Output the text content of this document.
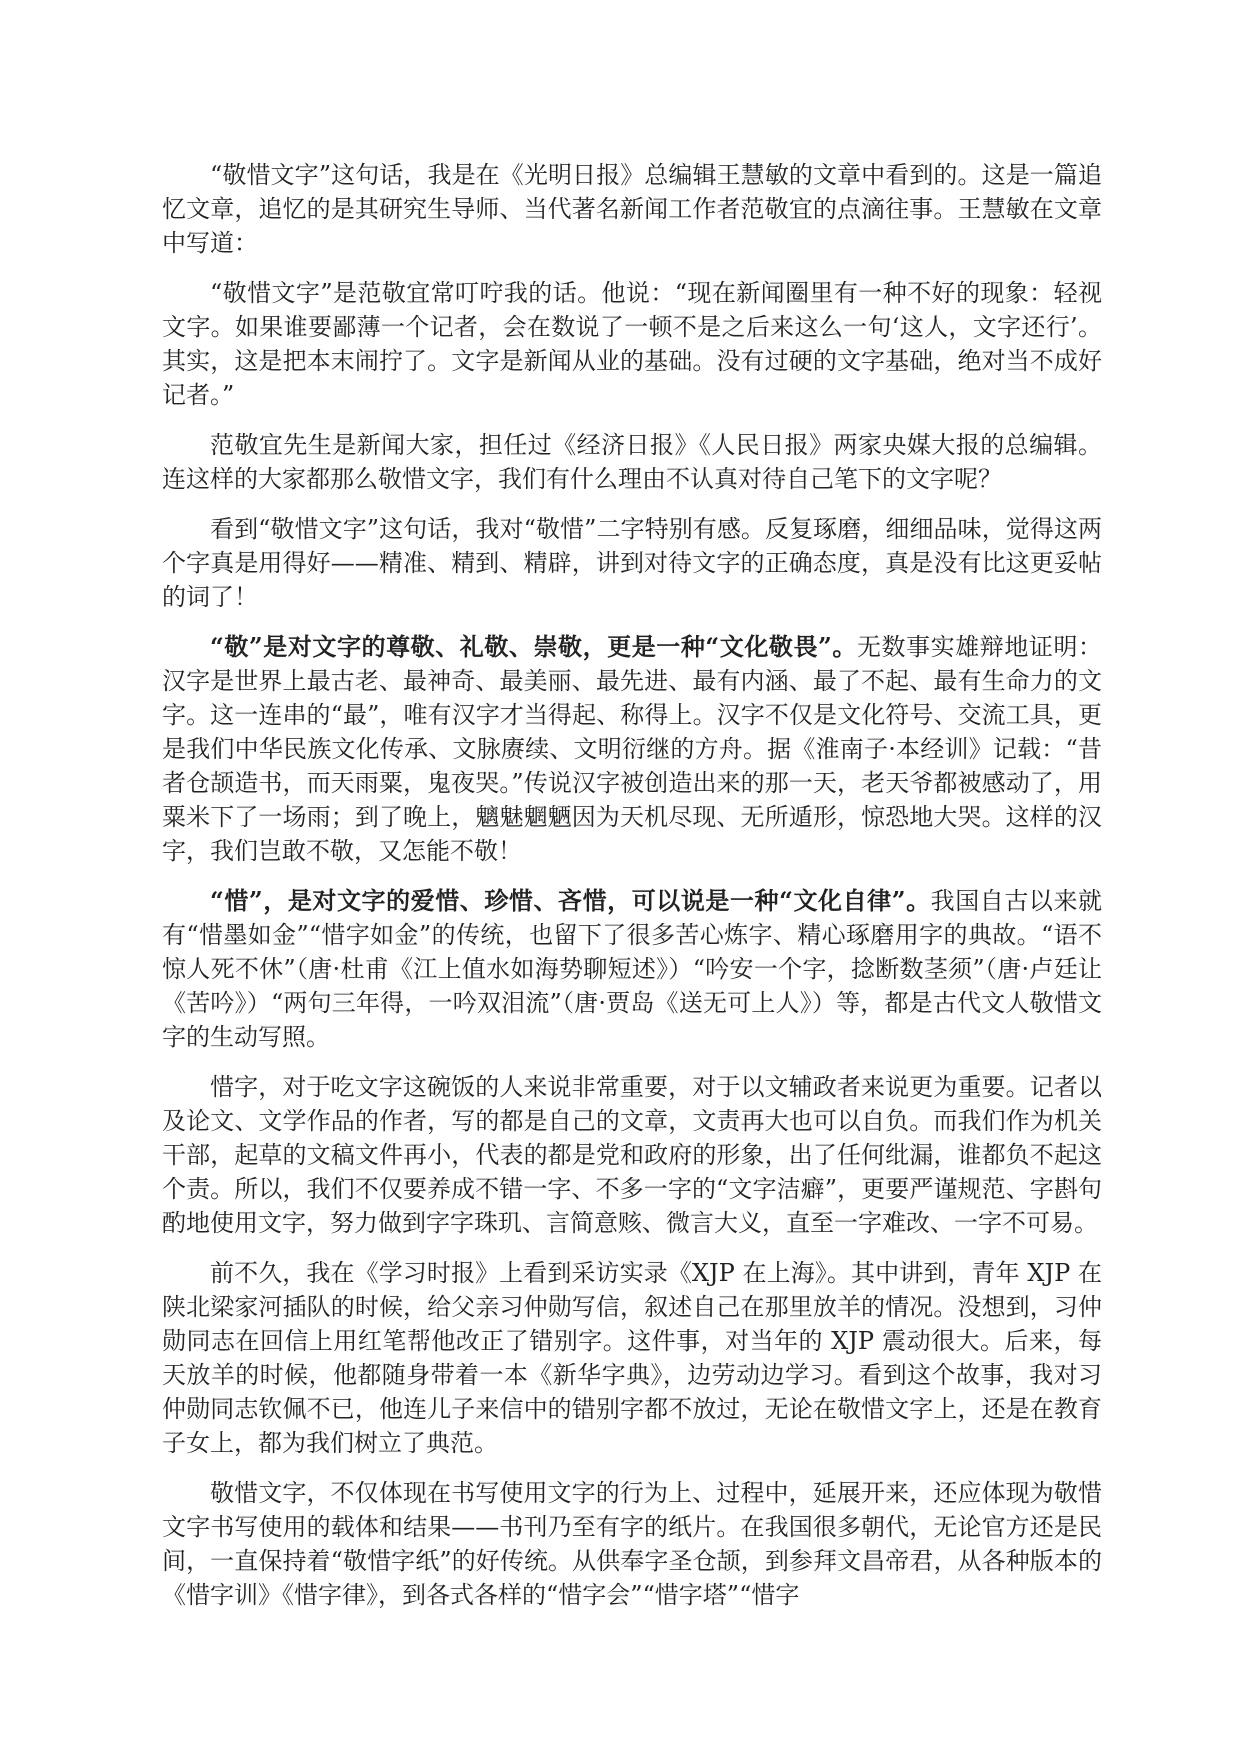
“敬惜文字”这句话，我是在《光明日报》总编辑王慧敏的文章中看到的。这是一篇追忆文章，追忆的是其研究生导师、当代著名新闻工作者范敬宜的点滴往事。王慧敏在文章中写道：

“敬惜文字”是范敬宜常叮咛我的话。他说：“现在新闻圈里有一种不好的现象：轻视文字。如果谁要鄙薄一个记者，会在数说了一顿不是之后来这么一句‘这人，文字还行’。其实，这是把本末闹拧了。文字是新闻从业的基础。没有过硬的文字基础，绝对当不成好记者。”

范敬宜先生是新闻大家，担任过《经济日报》《人民日报》两家央媒大报的总编辑。连这样的大家都那么敬惜文字，我们有什么理由不认真对待自己笔下的文字呢？

看到“敬惜文字”这句话，我对“敬惜”二字特别有感。反复琢磨，细细品味，觉得这两个字真是用得好——精准、精到、精辟，讲到对待文字的正确态度，真是没有比这更妥帖的词了！

“敬”是对文字的尊敬、礼敬、崇敬，更是一种“文化敬畏”。无数事实雄辩地证明：汉字是世界上最古老、最神奇、最美丽、最先进、最有内涵、最了不起、最有生命力的文字。这一连串的“最”，唯有汉字才当得起、称得上。汉字不仅是文化符号、交流工具，更是我们中华民族文化传承、文脉赓续、文明衍继的方舟。据《淮南子·本经训》记载：“昔者仓颉造书，而天雨粟，鬼夜哭。”传说汉字被创造出来的那一天，老天爷都被感动了，用粟米下了一场雨；到了晚上，魑魅魍魉因为天机尽现、无所遁形，惊恐地大哭。这样的汉字，我们岂敢不敬，又怎能不敬！

“惜”，是对文字的爱惜、珍惜、吝惜，可以说是一种“文化自律”。我国自古以来就有“惜墨如金”“惜字如金”的传统，也留下了很多苦心炼字、精心琢磨用字的典故。“语不惊人死不休”（唐·杜甫《江上值水如海势聊短述》）“吟安一个字，捻断数茎须”（唐·卢廷让《苦吟》）“两句三年得，一吟双泪流”（唐·贾岛《送无可上人》）等，都是古代文人敬惜文字的生动写照。

惜字，对于吃文字这碗饭的人来说非常重要，对于以文辅政者来说更为重要。记者以及论文、文学作品的作者，写的都是自己的文章，文责再大也可以自负。而我们作为机关干部，起草的文稿文件再小，代表的都是党和政府的形象，出了任何纰漏，谁都负不起这个责。所以，我们不仅要养成不错一字、不多一字的“文字洁癖”，更要严谨规范、字斟句酌地使用文字，努力做到字字珠玑、言简意赅、微言大义，直至一字难改、一字不可易。

前不久，我在《学习时报》上看到采访实录《XJP 在上海》。其中讲到，青年 XJP 在陕北梁家河插队的时候，给父亲习仲勋写信，叙述自己在那里放羊的情况。没想到，习仲勋同志在回信上用红笔帮他改正了错别字。这件事，对当年的 XJP 震动很大。后来，每天放羊的时候，他都随身带着一本《新华字典》，边劳动边学习。看到这个故事，我对习仲勋同志钦佩不已，他连儿子来信中的错别字都不放过，无论在敬惜文字上，还是在教育子女上，都为我们树立了典范。

敬惜文字，不仅体现在书写使用文字的行为上、过程中，延展开来，还应体现为敬惜文字书写使用的载体和结果——书刊乃至有字的纸片。在我国很多朝代，无论官方还是民间，一直保持着“敬惜字纸”的好传统。从供奉字圣仓颉，到参拜文昌帝君，从各种版本的《惜字训》《惜字律》，到各式各样的“惜字会”“惜字塔”“惜字
